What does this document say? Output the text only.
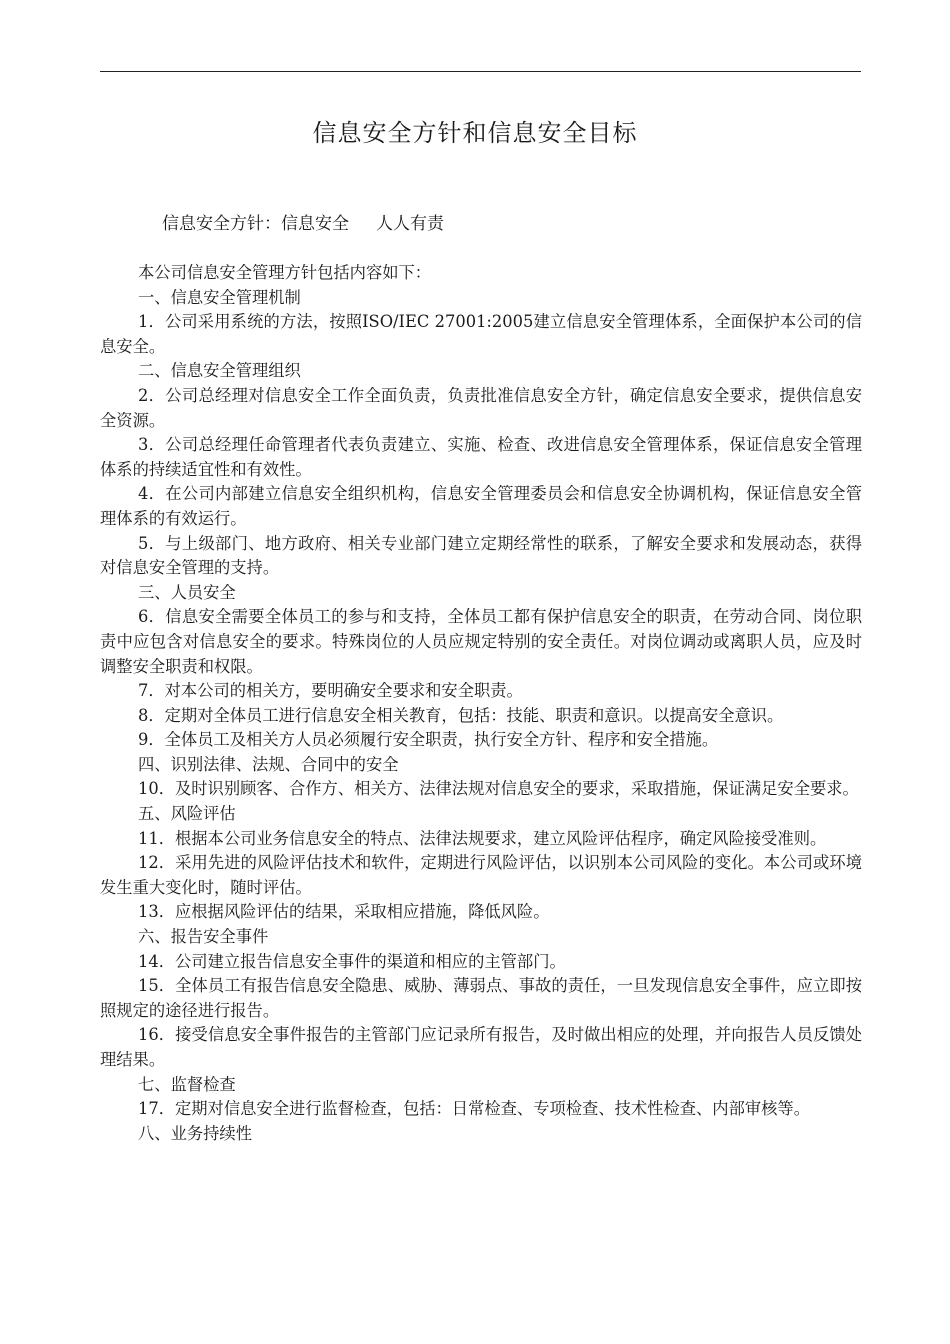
信息安全方针和信息安全目标
信息安全方针：信息安全     人人有责

本公司信息安全管理方针包括内容如下：

一、信息安全管理机制

1．公司采用系统的方法，按照ISO/IEC 27001:2005建立信息安全管理体系，全面保护本公司的信息安全。

二、信息安全管理组织

2．公司总经理对信息安全工作全面负责，负责批准信息安全方针，确定信息安全要求，提供信息安全资源。

3．公司总经理任命管理者代表负责建立、实施、检查、改进信息安全管理体系，保证信息安全管理体系的持续适宜性和有效性。

4．在公司内部建立信息安全组织机构，信息安全管理委员会和信息安全协调机构，保证信息安全管理体系的有效运行。

5．与上级部门、地方政府、相关专业部门建立定期经常性的联系，了解安全要求和发展动态，获得对信息安全管理的支持。

三、人员安全

6．信息安全需要全体员工的参与和支持，全体员工都有保护信息安全的职责，在劳动合同、岗位职责中应包含对信息安全的要求。特殊岗位的人员应规定特别的安全责任。对岗位调动或离职人员，应及时调整安全职责和权限。

7．对本公司的相关方，要明确安全要求和安全职责。

8．定期对全体员工进行信息安全相关教育，包括：技能、职责和意识。以提高安全意识。

9．全体员工及相关方人员必须履行安全职责，执行安全方针、程序和安全措施。

四、识别法律、法规、合同中的安全

10．及时识别顾客、合作方、相关方、法律法规对信息安全的要求，采取措施，保证满足安全要求。

五、风险评估

11．根据本公司业务信息安全的特点、法律法规要求，建立风险评估程序，确定风险接受准则。

12．采用先进的风险评估技术和软件，定期进行风险评估，以识别本公司风险的变化。本公司或环境发生重大变化时，随时评估。

13．应根据风险评估的结果，采取相应措施，降低风险。

六、报告安全事件

14．公司建立报告信息安全事件的渠道和相应的主管部门。

15．全体员工有报告信息安全隐患、威胁、薄弱点、事故的责任，一旦发现信息安全事件，应立即按照规定的途径进行报告。

16．接受信息安全事件报告的主管部门应记录所有报告，及时做出相应的处理，并向报告人员反馈处理结果。

七、监督检查

17．定期对信息安全进行监督检查，包括：日常检查、专项检查、技术性检查、内部审核等。

八、业务持续性
